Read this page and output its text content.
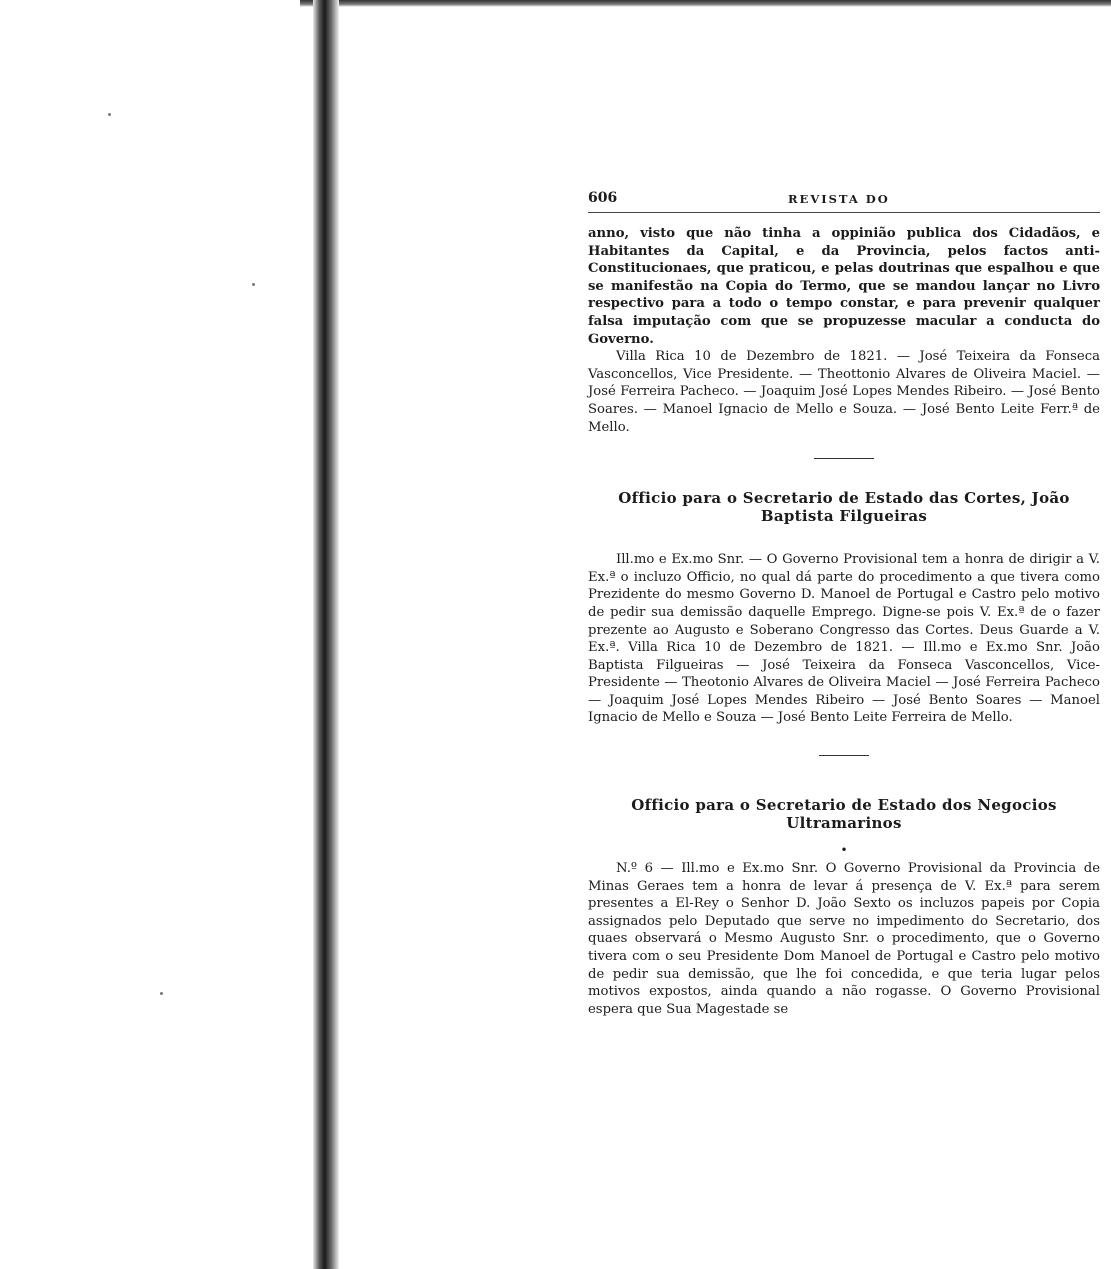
606	REVISTA DO

anno, visto que não tinha a oppinião publica dos Cidadãos, e Habitantes da Capital, e da Provincia, pelos factos anti-Constitucionaes, que praticou, e pelas doutrinas que espalhou e que se manifestão na Copia do Termo, que se mandou lançar no Livro respectivo para a todo o tempo constar, e para prevenir qualquer falsa imputação com que se propuzesse macular a conducta do Governo.

Villa Rica 10 de Dezembro de 1821. — José Teixeira da Fonseca Vasconcellos, Vice Presidente. — Theottonio Alvares de Oliveira Maciel. — José Ferreira Pacheco. — Joaquim José Lopes Mendes Ribeiro. — José Bento Soares. — Manoel Ignacio de Mello e Souza. — José Bento Leite Ferr.ª de Mello.

Officio para o Secretario de Estado das Cortes, João
Baptista Filgueiras

Ill.mo e Ex.mo Snr. — O Governo Provisional tem a honra de dirigir a V. Ex.ª o incluzo Officio, no qual dá parte do procedimento a que tivera como Prezidente do mesmo Governo D. Manoel de Portugal e Castro pelo motivo de pedir sua demissão daquelle Emprego. Digne-se pois V. Ex.ª de o fazer prezente ao Augusto e Soberano Congresso das Cortes. Deus Guarde a V. Ex.ª. Villa Rica 10 de Dezembro de 1821. — Ill.mo e Ex.mo Snr. João Baptista Filgueiras — José Teixeira da Fonseca Vasconcellos, Vice-Presidente — Theotonio Alvares de Oliveira Maciel — José Ferreira Pacheco — Joaquim José Lopes Mendes Ribeiro — José Bento Soares — Manoel Ignacio de Mello e Souza — José Bento Leite Ferreira de Mello.

Officio para o Secretario de Estado dos Negocios
Ultramarinos
•

N.º 6 — Ill.mo e Ex.mo Snr. O Governo Provisional da Provincia de Minas Geraes tem a honra de levar á presença de V. Ex.ª para serem presentes a El-Rey o Senhor D. João Sexto os incluzos papeis por Copia assignados pelo Deputado que serve no impedimento do Secretario, dos quaes observará o Mesmo Augusto Snr. o procedimento, que o Governo tivera com o seu Presidente Dom Manoel de Portugal e Castro pelo motivo de pedir sua demissão, que lhe foi concedida, e que teria lugar pelos motivos expostos, ainda quando a não rogasse. O Governo Provisional espera que Sua Magestade se
